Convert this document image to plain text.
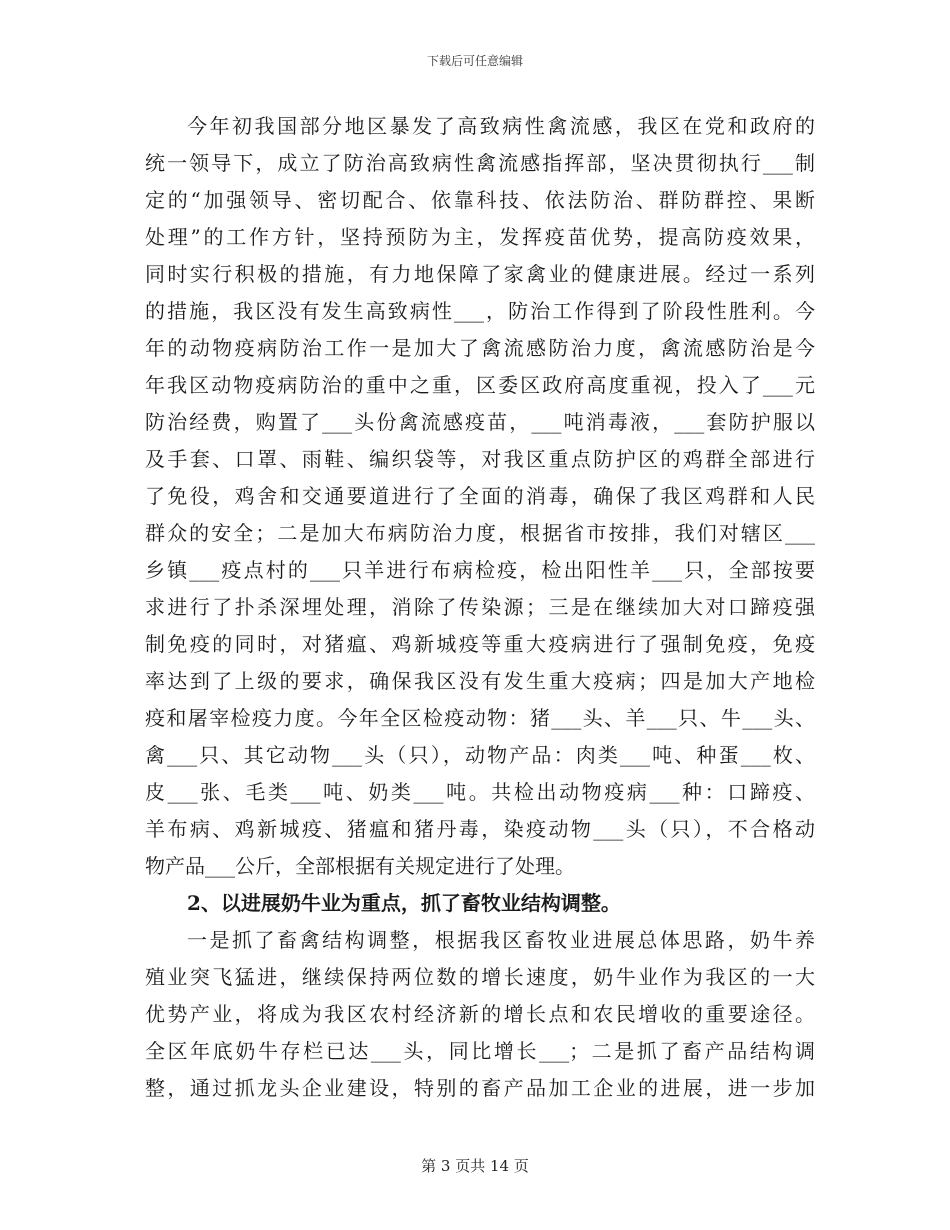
下载后可任意编辑
今年初我国部分地区暴发了高致病性禽流感，我区在党和政府的
统一领导下，成立了防治高致病性禽流感指挥部，坚决贯彻执行___制
定的“加强领导、密切配合、依靠科技、依法防治、群防群控、果断
处理”的工作方针，坚持预防为主，发挥疫苗优势，提高防疫效果，
同时实行积极的措施，有力地保障了家禽业的健康进展。经过一系列
的措施，我区没有发生高致病性___，防治工作得到了阶段性胜利。今
年的动物疫病防治工作一是加大了禽流感防治力度，禽流感防治是今
年我区动物疫病防治的重中之重，区委区政府高度重视，投入了___元
防治经费，购置了___头份禽流感疫苗，___吨消毒液，___套防护服以
及手套、口罩、雨鞋、编织袋等，对我区重点防护区的鸡群全部进行
了免役，鸡舍和交通要道进行了全面的消毒，确保了我区鸡群和人民
群众的安全；二是加大布病防治力度，根据省市按排，我们对辖区___
乡镇___疫点村的___只羊进行布病检疫，检出阳性羊___只，全部按要
求进行了扑杀深埋处理，消除了传染源；三是在继续加大对口蹄疫强
制免疫的同时，对猪瘟、鸡新城疫等重大疫病进行了强制免疫，免疫
率达到了上级的要求，确保我区没有发生重大疫病；四是加大产地检
疫和屠宰检疫力度。今年全区检疫动物：猪___头、羊___只、牛___头、
禽___只、其它动物___头（只），动物产品：肉类___吨、种蛋___枚、
皮___张、毛类___吨、奶类___吨。共检出动物疫病___种：口蹄疫、
羊布病、鸡新城疫、猪瘟和猪丹毒，染疫动物___头（只），不合格动
物产品___公斤，全部根据有关规定进行了处理。
2、以进展奶牛业为重点，抓了畜牧业结构调整。
一是抓了畜禽结构调整，根据我区畜牧业进展总体思路，奶牛养
殖业突飞猛进，继续保持两位数的增长速度，奶牛业作为我区的一大
优势产业，将成为我区农村经济新的增长点和农民增收的重要途径。
全区年底奶牛存栏已达___头，同比增长___；二是抓了畜产品结构调
整，通过抓龙头企业建设，特别的畜产品加工企业的进展，进一步加
第 3 页共 14 页
